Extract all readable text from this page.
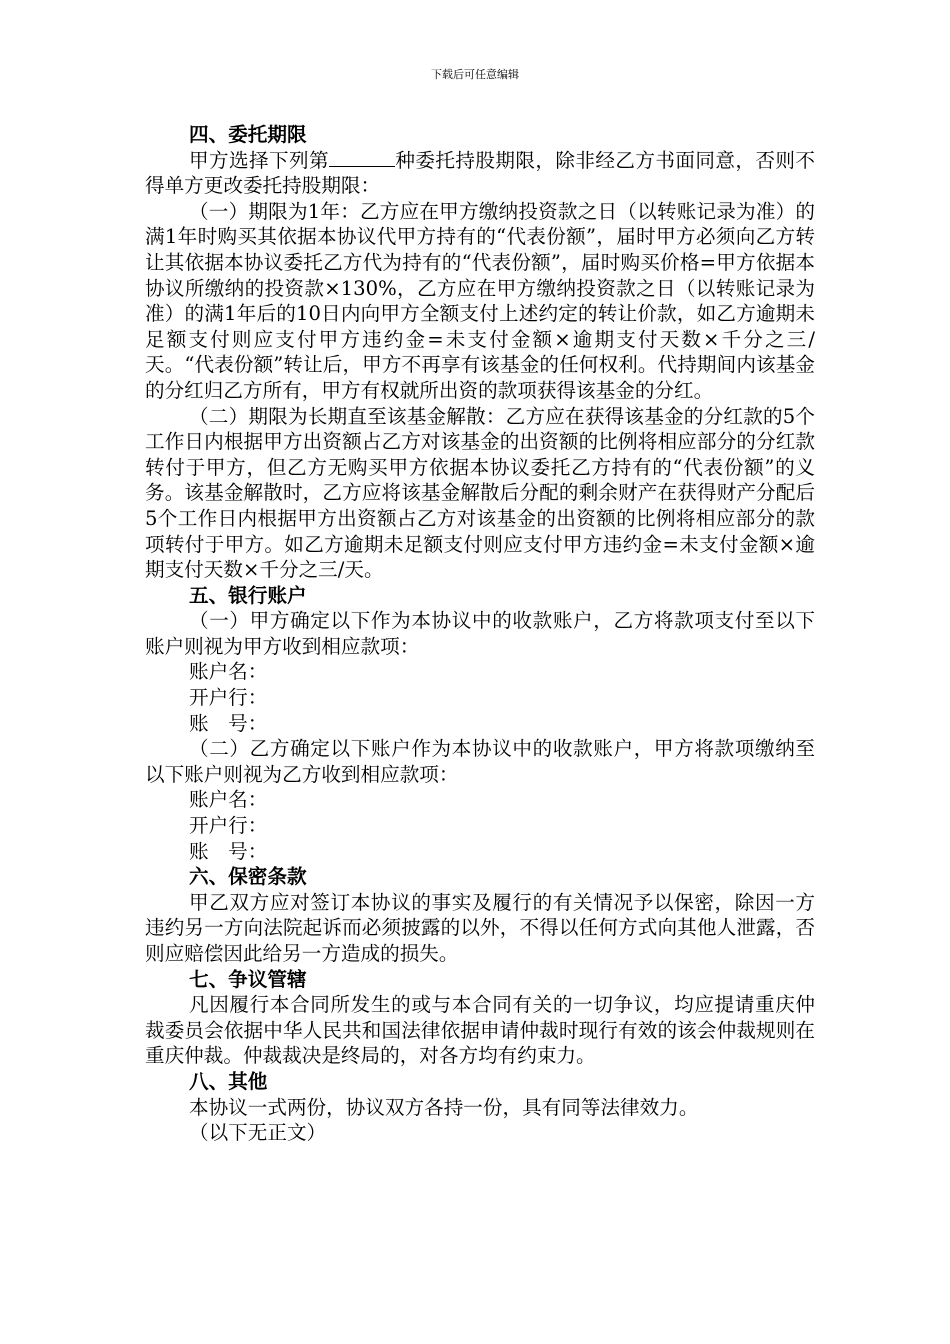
下载后可任意编辑

四、委托期限

甲方选择下列第	种委托持股期限，除非经乙方书面同意，否则不得单方更改委托持股期限：

（一）期限为1年：乙方应在甲方缴纳投资款之日（以转账记录为准）的满1年时购买其依据本协议代甲方持有的“代表份额”，届时甲方必须向乙方转让其依据本协议委托乙方代为持有的“代表份额”，届时购买价格=甲方依据本协议所缴纳的投资款×130%，乙方应在甲方缴纳投资款之日（以转账记录为准）的满1年后的10日内向甲方全额支付上述约定的转让价款，如乙方逾期未足额支付则应支付甲方违约金=未支付金额×逾期支付天数×千分之三/天。“代表份额”转让后，甲方不再享有该基金的任何权利。代持期间内该基金的分红归乙方所有，甲方有权就所出资的款项获得该基金的分红。

（二）期限为长期直至该基金解散：乙方应在获得该基金的分红款的5个工作日内根据甲方出资额占乙方对该基金的出资额的比例将相应部分的分红款转付于甲方，但乙方无购买甲方依据本协议委托乙方持有的“代表份额”的义务。该基金解散时，乙方应将该基金解散后分配的剩余财产在获得财产分配后5个工作日内根据甲方出资额占乙方对该基金的出资额的比例将相应部分的款项转付于甲方。如乙方逾期未足额支付则应支付甲方违约金=未支付金额×逾期支付天数×千分之三/天。

五、银行账户

（一）甲方确定以下作为本协议中的收款账户，乙方将款项支付至以下账户则视为甲方收到相应款项：

账户名：

开户行：

账　号：

（二）乙方确定以下账户作为本协议中的收款账户，甲方将款项缴纳至以下账户则视为乙方收到相应款项：

账户名：

开户行：

账　号：

六、保密条款

甲乙双方应对签订本协议的事实及履行的有关情况予以保密，除因一方违约另一方向法院起诉而必须披露的以外，不得以任何方式向其他人泄露，否则应赔偿因此给另一方造成的损失。

七、争议管辖

凡因履行本合同所发生的或与本合同有关的一切争议，均应提请重庆仲裁委员会依据中华人民共和国法律依据申请仲裁时现行有效的该会仲裁规则在重庆仲裁。仲裁裁决是终局的，对各方均有约束力。

八、其他

本协议一式两份，协议双方各持一份，具有同等法律效力。

（以下无正文）
